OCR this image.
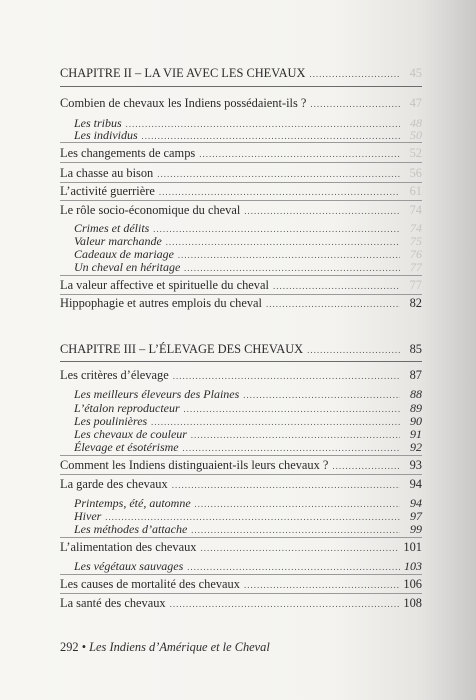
CHAPITRE II – LA VIE AVEC LES CHEVAUX .....	45
Combien de chevaux les Indiens possédaient-ils ? .....	47
Les tribus .....	48
Les individus .....	50
Les changements de camps .....	52
La chasse au bison .....	56
L’activité guerrière .....	61
Le rôle socio-économique du cheval .....	74
Crimes et délits .....	74
Valeur marchande .....	75
Cadeaux de mariage .....	76
Un cheval en héritage .....	77
La valeur affective et spirituelle du cheval .....	77
Hippophagie et autres emplois du cheval .....	82
CHAPITRE III – L’ÉLEVAGE DES CHEVAUX .....	85
Les critères d’élevage .....	87
Les meilleurs éleveurs des Plaines .....	88
L’étalon reproducteur .....	89
Les poulinières .....	90
Les chevaux de couleur .....	91
Élevage et ésotérisme .....	92
Comment les Indiens distinguaient-ils leurs chevaux ? .....	93
La garde des chevaux .....	94
Printemps, été, automne .....	94
Hiver .....	97
Les méthodes d’attache .....	99
L’alimentation des chevaux .....	101
Les végétaux sauvages .....	103
Les causes de mortalité des chevaux .....	106
La santé des chevaux .....	108
292 • Les Indiens d’Amérique et le Cheval
